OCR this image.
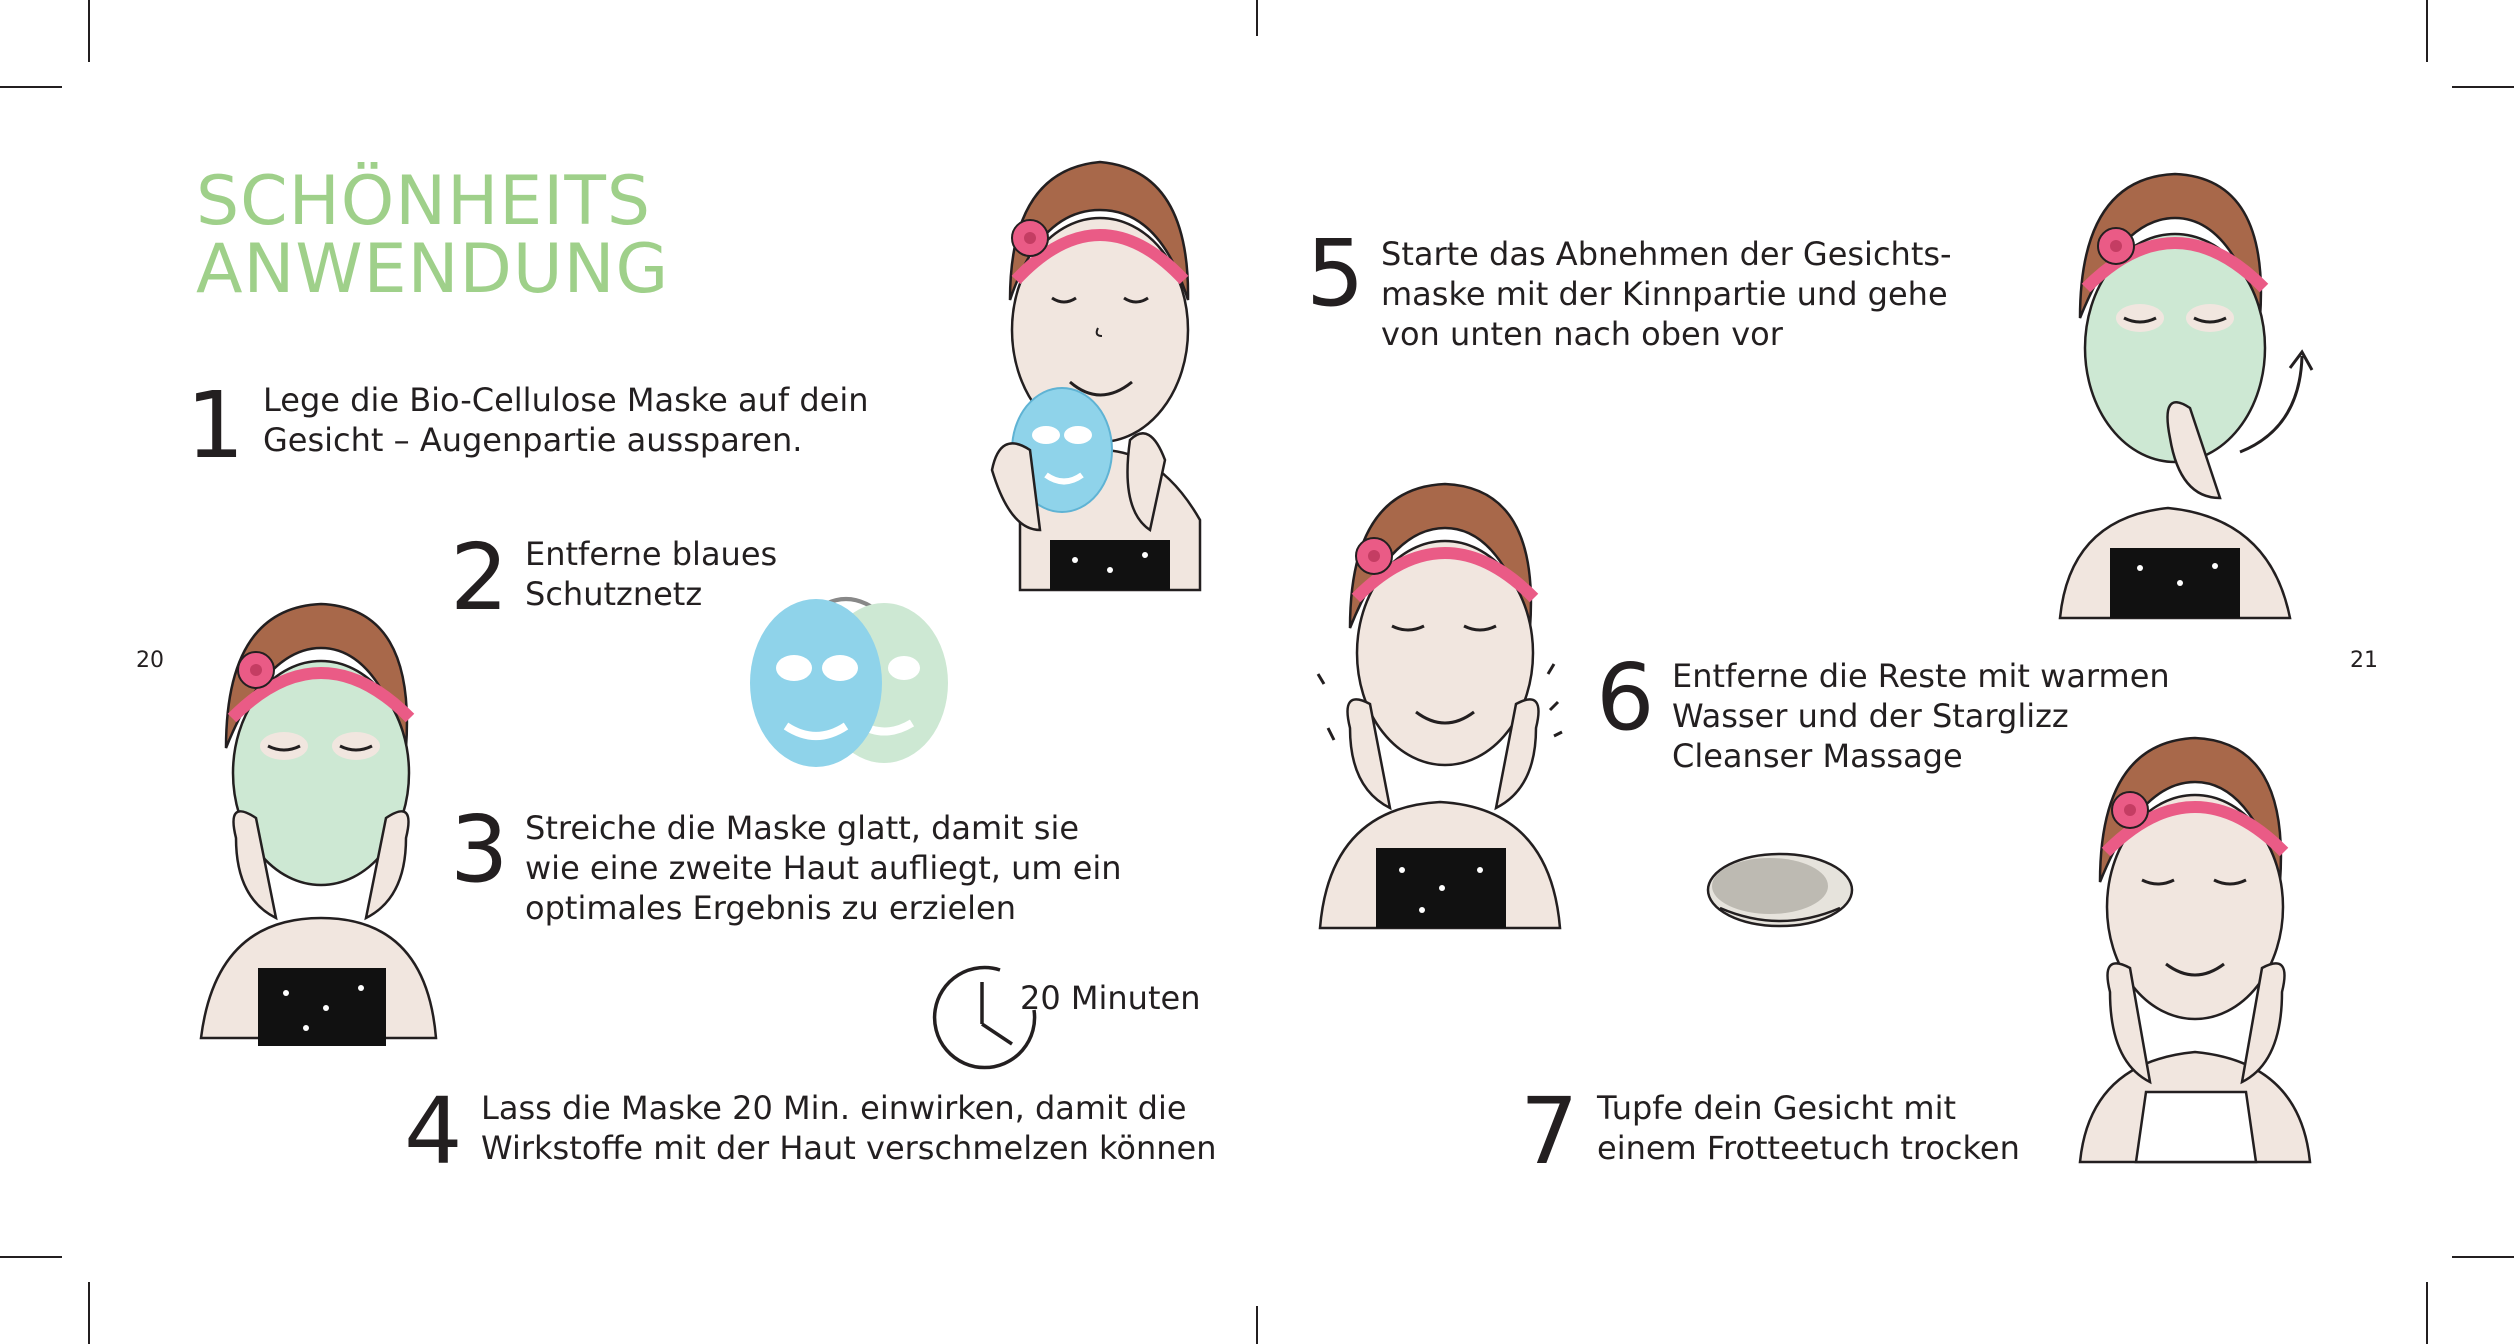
SCHÖNHEITS
ANWENDUNG
20	21
1 Lege die Bio-Cellulose Maske auf dein
Gesicht – Augenpartie aussparen.
2 Entferne blaues
Schutznetz
3 Streiche die Maske glatt, damit sie
wie eine zweite Haut aufliegt, um ein
optimales Ergebnis zu erzielen
4 Lass die Maske 20 Min. einwirken, damit die
Wirkstoffe mit der Haut verschmelzen können
5 Starte das Abnehmen der Gesichts-
maske mit der Kinnpartie und gehe
von unten nach oben vor
6 Entferne die Reste mit warmen
Wasser und der Starglizz
Cleanser Massage
7 Tupfe dein Gesicht mit
einem Frotteetuch trocken
20 Minuten
